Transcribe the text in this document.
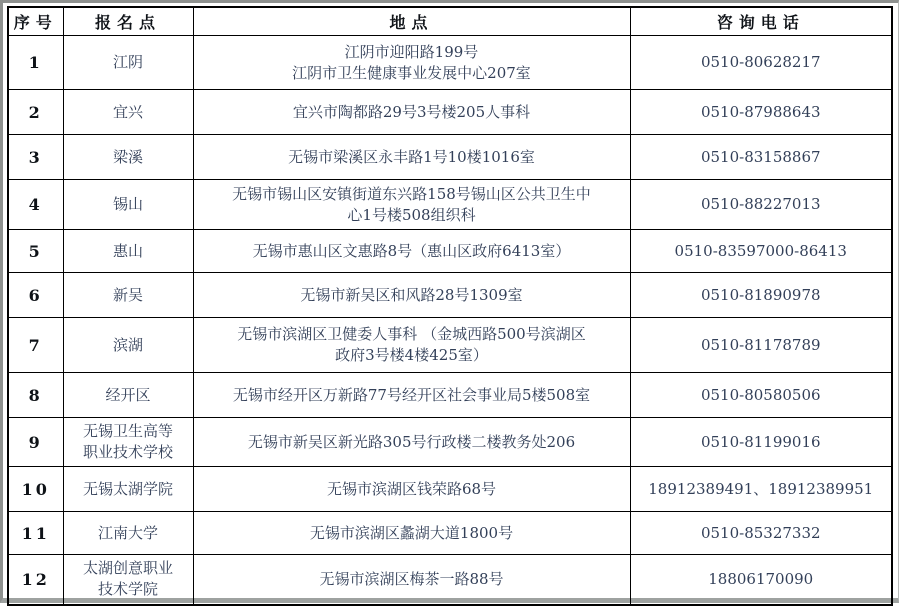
序号	报名点	地点	咨询电话

1	江阴	江阴市迎阳路199号
江阴市卫生健康事业发展中心207室	0510-80628217

2	宜兴	宜兴市陶都路29号3号楼205人事科	0510-87988643

3	梁溪	无锡市梁溪区永丰路1号10楼1016室	0510-83158867

4	锡山	无锡市锡山区安镇街道东兴路158号锡山区公共卫生中
心1号楼508组织科	0510-88227013

5	惠山	无锡市惠山区文惠路8号（惠山区政府6413室）	0510-83597000-86413

6	新吴	无锡市新吴区和风路28号1309室	0510-81890978

7	滨湖	无锡市滨湖区卫健委人事科 （金城西路500号滨湖区
政府3号楼4楼425室）	0510-81178789

8	经开区	无锡市经开区万新路77号经开区社会事业局5楼508室	0510-80580506

9	无锡卫生高等
职业技术学校	无锡市新吴区新光路305号行政楼二楼教务处206	0510-81199016

10	无锡太湖学院	无锡市滨湖区钱荣路68号	18912389491、18912389951

11	江南大学	无锡市滨湖区蠡湖大道1800号	0510-85327332

12	太湖创意职业
技术学院	无锡市滨湖区梅茶一路88号	18806170090
